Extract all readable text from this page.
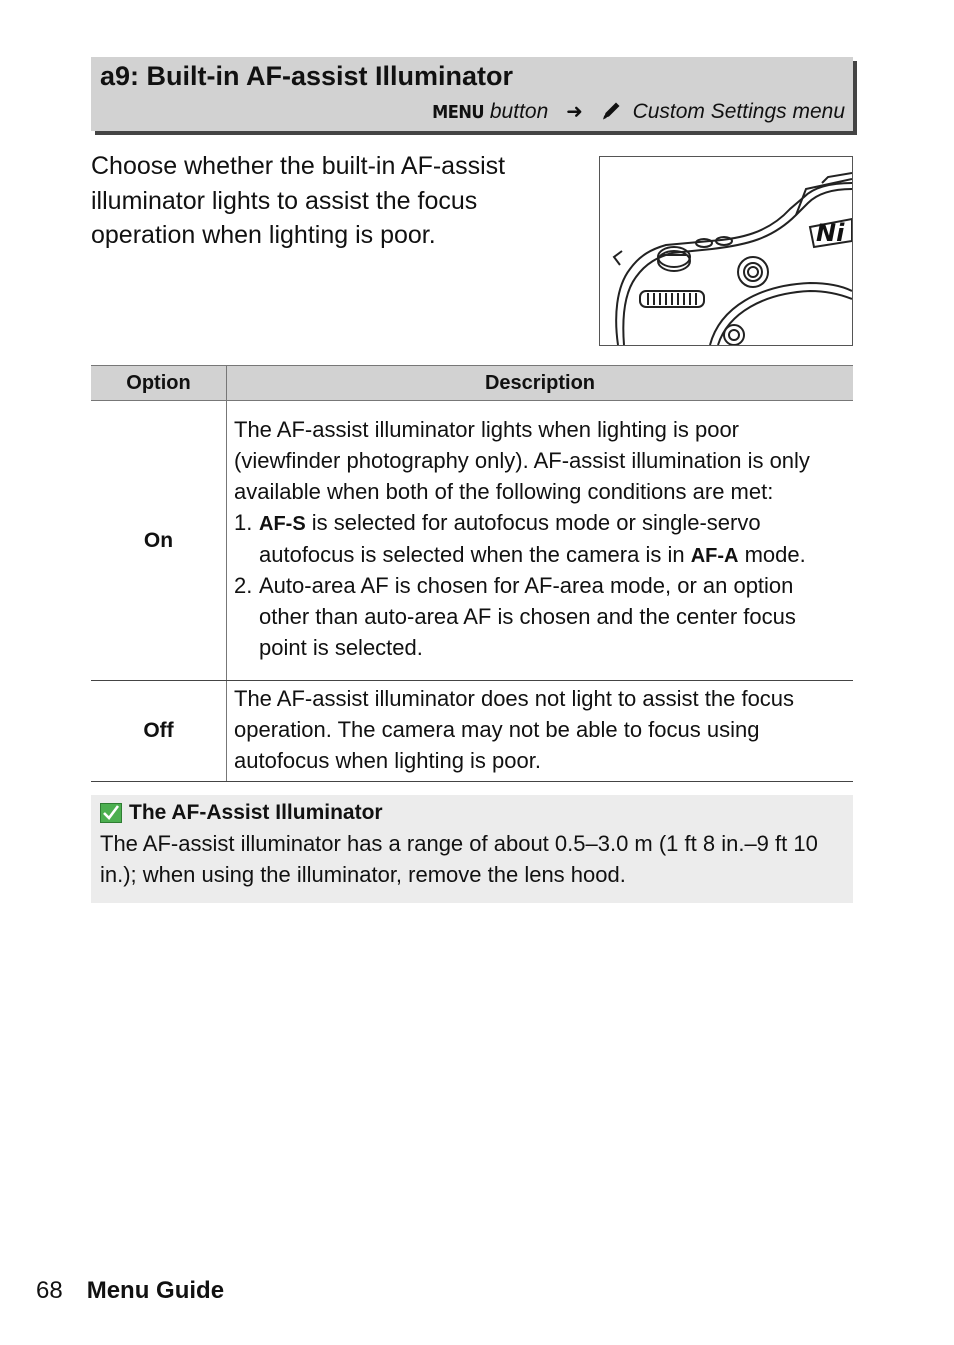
a9: Built-in AF-assist Illuminator
MENU button ➜ Custom Settings menu
Choose whether the built-in AF-assist illuminator lights to assist the focus operation when lighting is poor.	Ni
Option	Description
On	The AF-assist illuminator lights when lighting is poor (viewfinder photography only). AF-assist illumination is only available when both of the following conditions are met:
1. AF-S is selected for autofocus mode or single-servo autofocus is selected when the camera is in AF-A mode.
2. Auto-area AF is chosen for AF-area mode, or an option other than auto-area AF is chosen and the center focus point is selected.

Off	The AF-assist illuminator does not light to assist the focus operation. The camera may not be able to focus using autofocus when lighting is poor.
The AF-Assist Illuminator
The AF-assist illuminator has a range of about 0.5–3.0 m (1 ft 8 in.–9 ft 10 in.); when using the illuminator, remove the lens hood.
68 Menu Guide
